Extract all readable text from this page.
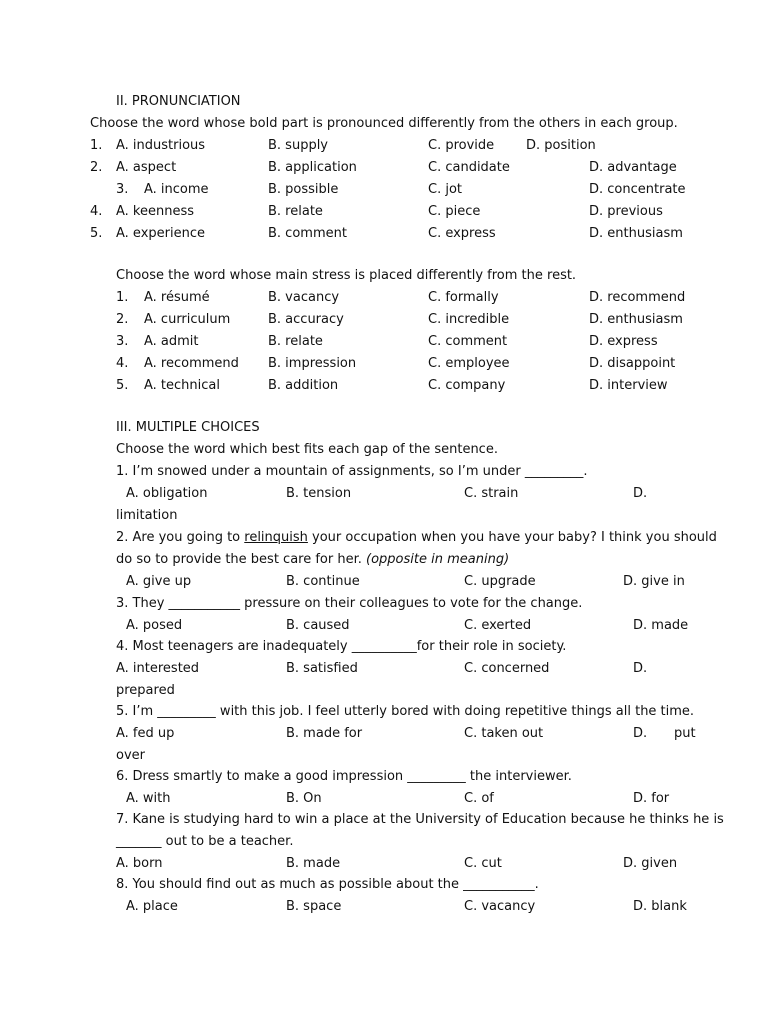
II. PRONUNCIATION
Choose the word whose bold part is pronounced differently from the others in each group.
1. A. industrious	B. supply	C. provide D. position
2. A. aspect	B. application	C. candidate	D. advantage
3. A. income	B. possible	C. jot	D. concentrate
4. A. keenness	B. relate	C. piece	D. previous
5. A. experience	B. comment	C. express	D. enthusiasm
Choose the word whose main stress is placed differently from the rest.
1. A. résumé	B. vacancy	C. formally	D. recommend
2. A. curriculum	B. accuracy	C. incredible	D. enthusiasm
3. A. admit	B. relate	C. comment	D. express
4. A. recommend B. impression	C. employee	D. disappoint
5. A. technical	B. addition	C. company	D. interview
III. MULTIPLE CHOICES
Choose the word which best fits each gap of the sentence.
1. I’m snowed under a mountain of assignments, so I’m under _________.
A. obligation	B. tension	C. strain	D.
limitation
2. Are you going to relinquish your occupation when you have your baby? I think you should
do so to provide the best care for her. (opposite in meaning)
A. give up	B. continue	C. upgrade	D. give in
3. They ___________ pressure on their colleagues to vote for the change.
A. posed	B. caused	C. exerted	D. made
4. Most teenagers are inadequately __________for their role in society.
A. interested	B. satisfied	C. concerned	D.
prepared
5. I’m _________ with this job. I feel utterly bored with doing repetitive things all the time.
A. fed up	B. made for	C. taken out	D. put
over
6. Dress smartly to make a good impression _________ the interviewer.
A. with	B. On	C. of	D. for
7. Kane is studying hard to win a place at the University of Education because he thinks he is
_______ out to be a teacher.
A. born	B. made	C. cut	D. given
8. You should find out as much as possible about the ___________.
A. place	B. space	C. vacancy	D. blank
